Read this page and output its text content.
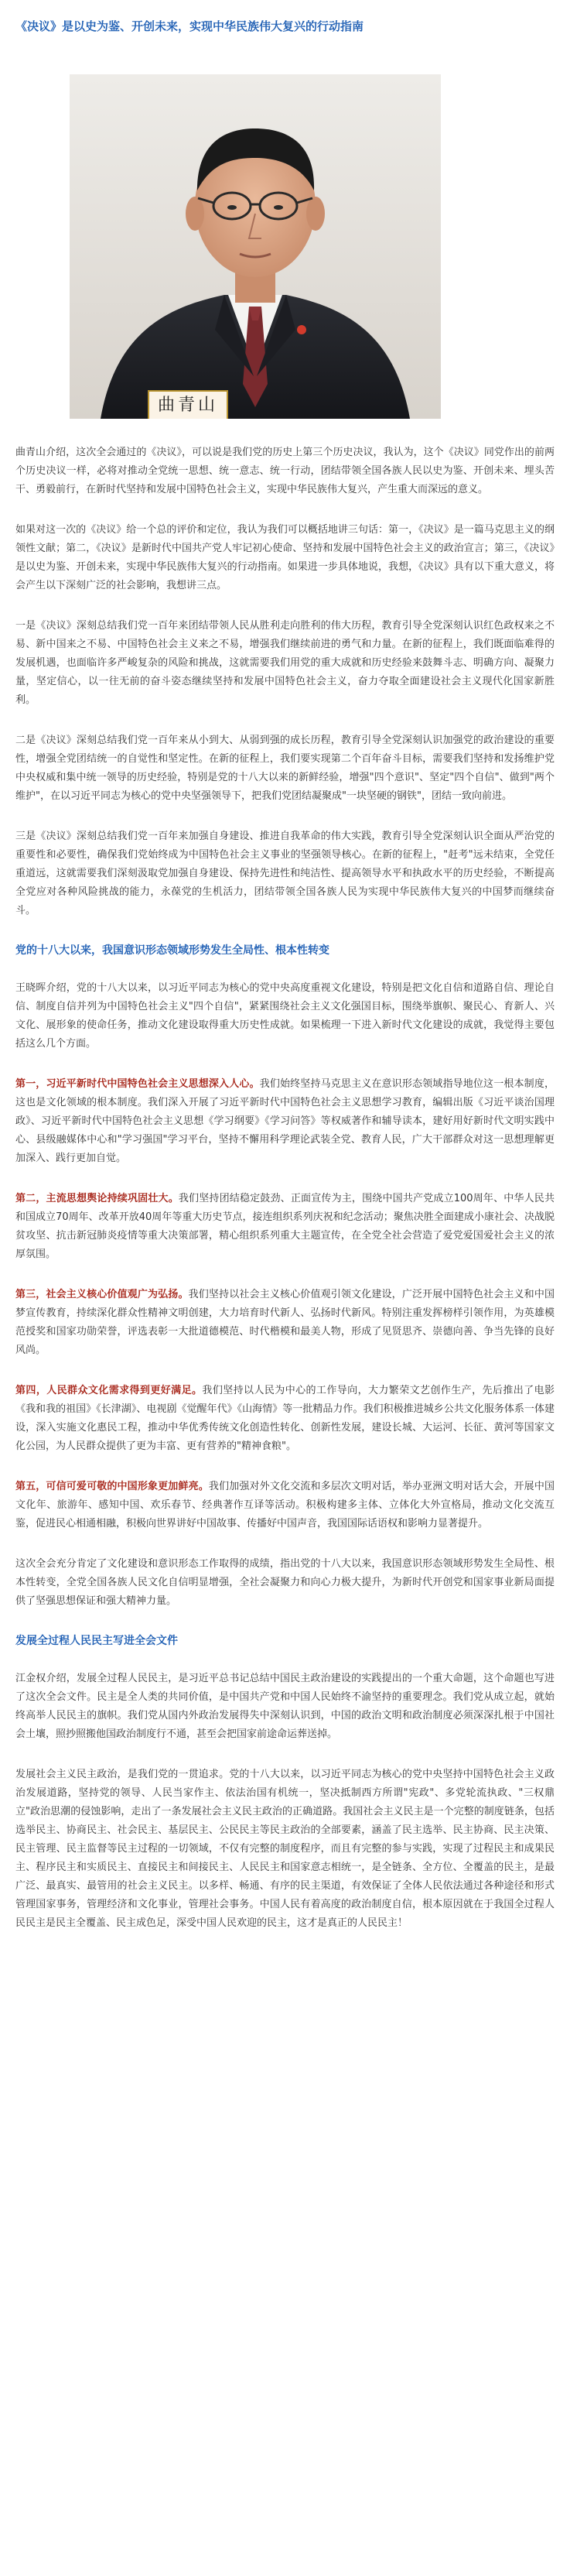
《决议》是以史为鉴、开创未来，实现中华民族伟大复兴的行动指南
曲青山

曲青山介绍，这次全会通过的《决议》，可以说是我们党的历史上第三个历史决议，我认为，这个《决议》同党作出的前两个历史决议一样，必将对推动全党统一思想、统一意志、统一行动，团结带领全国各族人民以史为鉴、开创未来、埋头苦干、勇毅前行，在新时代坚持和发展中国特色社会主义，实现中华民族伟大复兴，产生重大而深远的意义。

如果对这一次的《决议》给一个总的评价和定位，我认为我们可以概括地讲三句话：第一，《决议》是一篇马克思主义的纲领性文献；第二，《决议》是新时代中国共产党人牢记初心使命、坚持和发展中国特色社会主义的政治宣言；第三，《决议》是以史为鉴、开创未来，实现中华民族伟大复兴的行动指南。如果进一步具体地说，我想，《决议》具有以下重大意义，将会产生以下深刻广泛的社会影响，我想讲三点。

一是《决议》深刻总结我们党一百年来团结带领人民从胜利走向胜利的伟大历程，教育引导全党深刻认识红色政权来之不易、新中国来之不易、中国特色社会主义来之不易，增强我们继续前进的勇气和力量。在新的征程上，我们既面临难得的发展机遇，也面临许多严峻复杂的风险和挑战，这就需要我们用党的重大成就和历史经验来鼓舞斗志、明确方向、凝聚力量，坚定信心，以一往无前的奋斗姿态继续坚持和发展中国特色社会主义，奋力夺取全面建设社会主义现代化国家新胜利。

二是《决议》深刻总结我们党一百年来从小到大、从弱到强的成长历程，教育引导全党深刻认识加强党的政治建设的重要性，增强全党团结统一的自觉性和坚定性。在新的征程上，我们要实现第二个百年奋斗目标，需要我们坚持和发扬维护党中央权威和集中统一领导的历史经验，特别是党的十八大以来的新鲜经验，增强"四个意识"、坚定"四个自信"、做到"两个维护"，在以习近平同志为核心的党中央坚强领导下，把我们党团结凝聚成"一块坚硬的钢铁"，团结一致向前进。

三是《决议》深刻总结我们党一百年来加强自身建设、推进自我革命的伟大实践，教育引导全党深刻认识全面从严治党的重要性和必要性，确保我们党始终成为中国特色社会主义事业的坚强领导核心。在新的征程上，"赶考"远未结束，全党任重道远，这就需要我们深刻汲取党加强自身建设、保持先进性和纯洁性、提高领导水平和执政水平的历史经验，不断提高全党应对各种风险挑战的能力，永葆党的生机活力，团结带领全国各族人民为实现中华民族伟大复兴的中国梦而继续奋斗。

党的十八大以来，我国意识形态领域形势发生全局性、根本性转变

王晓晖介绍，党的十八大以来，以习近平同志为核心的党中央高度重视文化建设，特别是把文化自信和道路自信、理论自信、制度自信并列为中国特色社会主义"四个自信"，紧紧围绕社会主义文化强国目标，围绕举旗帜、聚民心、育新人、兴文化、展形象的使命任务，推动文化建设取得重大历史性成就。如果梳理一下进入新时代文化建设的成就，我觉得主要包括这么几个方面。

第一，习近平新时代中国特色社会主义思想深入人心。我们始终坚持马克思主义在意识形态领域指导地位这一根本制度，这也是文化领域的根本制度。我们深入开展了习近平新时代中国特色社会主义思想学习教育，编辑出版《习近平谈治国理政》、习近平新时代中国特色社会主义思想《学习纲要》《学习问答》等权威著作和辅导读本，建好用好新时代文明实践中心、县级融媒体中心和"学习强国"学习平台，坚持不懈用科学理论武装全党、教育人民，广大干部群众对这一思想理解更加深入、践行更加自觉。

第二，主流思想舆论持续巩固壮大。我们坚持团结稳定鼓劲、正面宣传为主，围绕中国共产党成立100周年、中华人民共和国成立70周年、改革开放40周年等重大历史节点，接连组织系列庆祝和纪念活动；聚焦决胜全面建成小康社会、决战脱贫攻坚、抗击新冠肺炎疫情等重大决策部署，精心组织系列重大主题宣传，在全党全社会营造了爱党爱国爱社会主义的浓厚氛围。

第三，社会主义核心价值观广为弘扬。我们坚持以社会主义核心价值观引领文化建设，广泛开展中国特色社会主义和中国梦宣传教育，持续深化群众性精神文明创建，大力培育时代新人、弘扬时代新风。特别注重发挥榜样引领作用，为英雄模范授奖和国家功勋荣誉，评选表彰一大批道德模范、时代楷模和最美人物，形成了见贤思齐、崇德向善、争当先锋的良好风尚。

第四，人民群众文化需求得到更好满足。我们坚持以人民为中心的工作导向，大力繁荣文艺创作生产，先后推出了电影《我和我的祖国》《长津湖》、电视剧《觉醒年代》《山海情》等一批精品力作。我们积极推进城乡公共文化服务体系一体建设，深入实施文化惠民工程，推动中华优秀传统文化创造性转化、创新性发展，建设长城、大运河、长征、黄河等国家文化公园，为人民群众提供了更为丰富、更有营养的"精神食粮"。

第五，可信可爱可敬的中国形象更加鲜亮。我们加强对外文化交流和多层次文明对话，举办亚洲文明对话大会，开展中国文化年、旅游年、感知中国、欢乐春节、经典著作互译等活动。积极构建多主体、立体化大外宣格局，推动文化交流互鉴，促进民心相通相融，积极向世界讲好中国故事、传播好中国声音，我国国际话语权和影响力显著提升。

这次全会充分肯定了文化建设和意识形态工作取得的成绩，指出党的十八大以来，我国意识形态领域形势发生全局性、根本性转变，全党全国各族人民文化自信明显增强，全社会凝聚力和向心力极大提升，为新时代开创党和国家事业新局面提供了坚强思想保证和强大精神力量。

发展全过程人民民主写进全会文件

江金权介绍，发展全过程人民民主，是习近平总书记总结中国民主政治建设的实践提出的一个重大命题，这个命题也写进了这次全会文件。民主是全人类的共同价值，是中国共产党和中国人民始终不渝坚持的重要理念。我们党从成立起，就始终高举人民民主的旗帜。我们党从国内外政治发展得失中深刻认识到，中国的政治文明和政治制度必须深深扎根于中国社会土壤，照抄照搬他国政治制度行不通，甚至会把国家前途命运葬送掉。

发展社会主义民主政治，是我们党的一贯追求。党的十八大以来，以习近平同志为核心的党中央坚持中国特色社会主义政治发展道路，坚持党的领导、人民当家作主、依法治国有机统一，坚决抵制西方所谓"宪政"、多党轮流执政、"三权鼎立"政治思潮的侵蚀影响，走出了一条发展社会主义民主政治的正确道路。我国社会主义民主是一个完整的制度链条，包括选举民主、协商民主、社会民主、基层民主、公民民主等民主政治的全部要素，涵盖了民主选举、民主协商、民主决策、民主管理、民主监督等民主过程的一切领域，不仅有完整的制度程序，而且有完整的参与实践，实现了过程民主和成果民主、程序民主和实质民主、直接民主和间接民主、人民民主和国家意志相统一，是全链条、全方位、全覆盖的民主，是最广泛、最真实、最管用的社会主义民主。以多样、畅通、有序的民主渠道，有效保证了全体人民依法通过各种途径和形式管理国家事务，管理经济和文化事业，管理社会事务。中国人民有着高度的政治制度自信，根本原因就在于我国全过程人民民主是民主全覆盖、民主成色足，深受中国人民欢迎的民主，这才是真正的人民民主！
